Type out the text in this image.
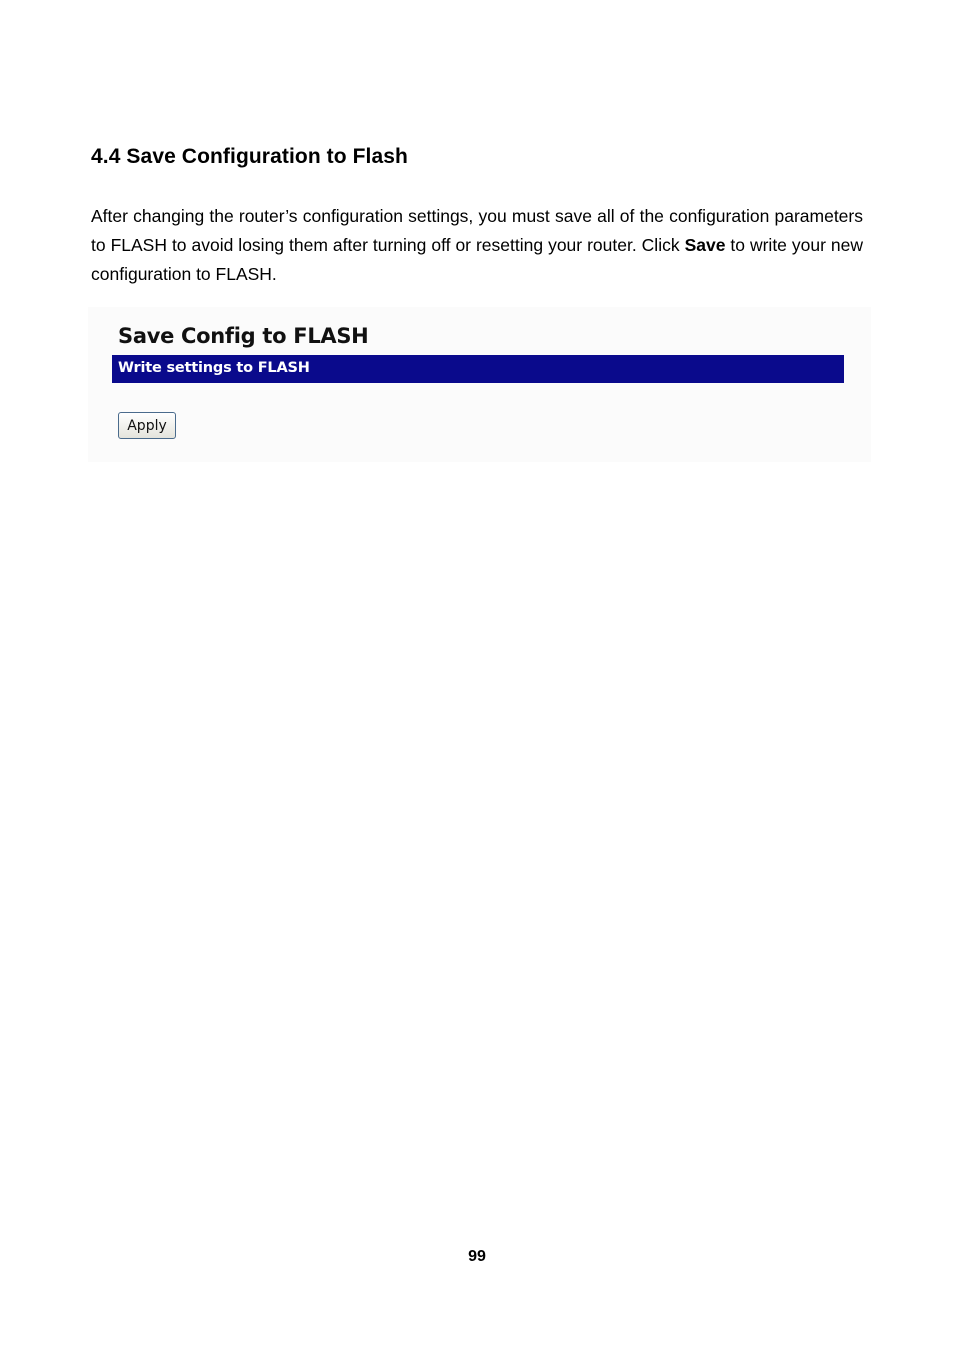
4.4 Save Configuration to Flash

After changing the router’s configuration settings, you must save all of the configuration parameters to FLASH to avoid losing them after turning off or resetting your router. Click Save to write your new configuration to FLASH.

Save Config to FLASH
Write settings to FLASH
Apply
99
